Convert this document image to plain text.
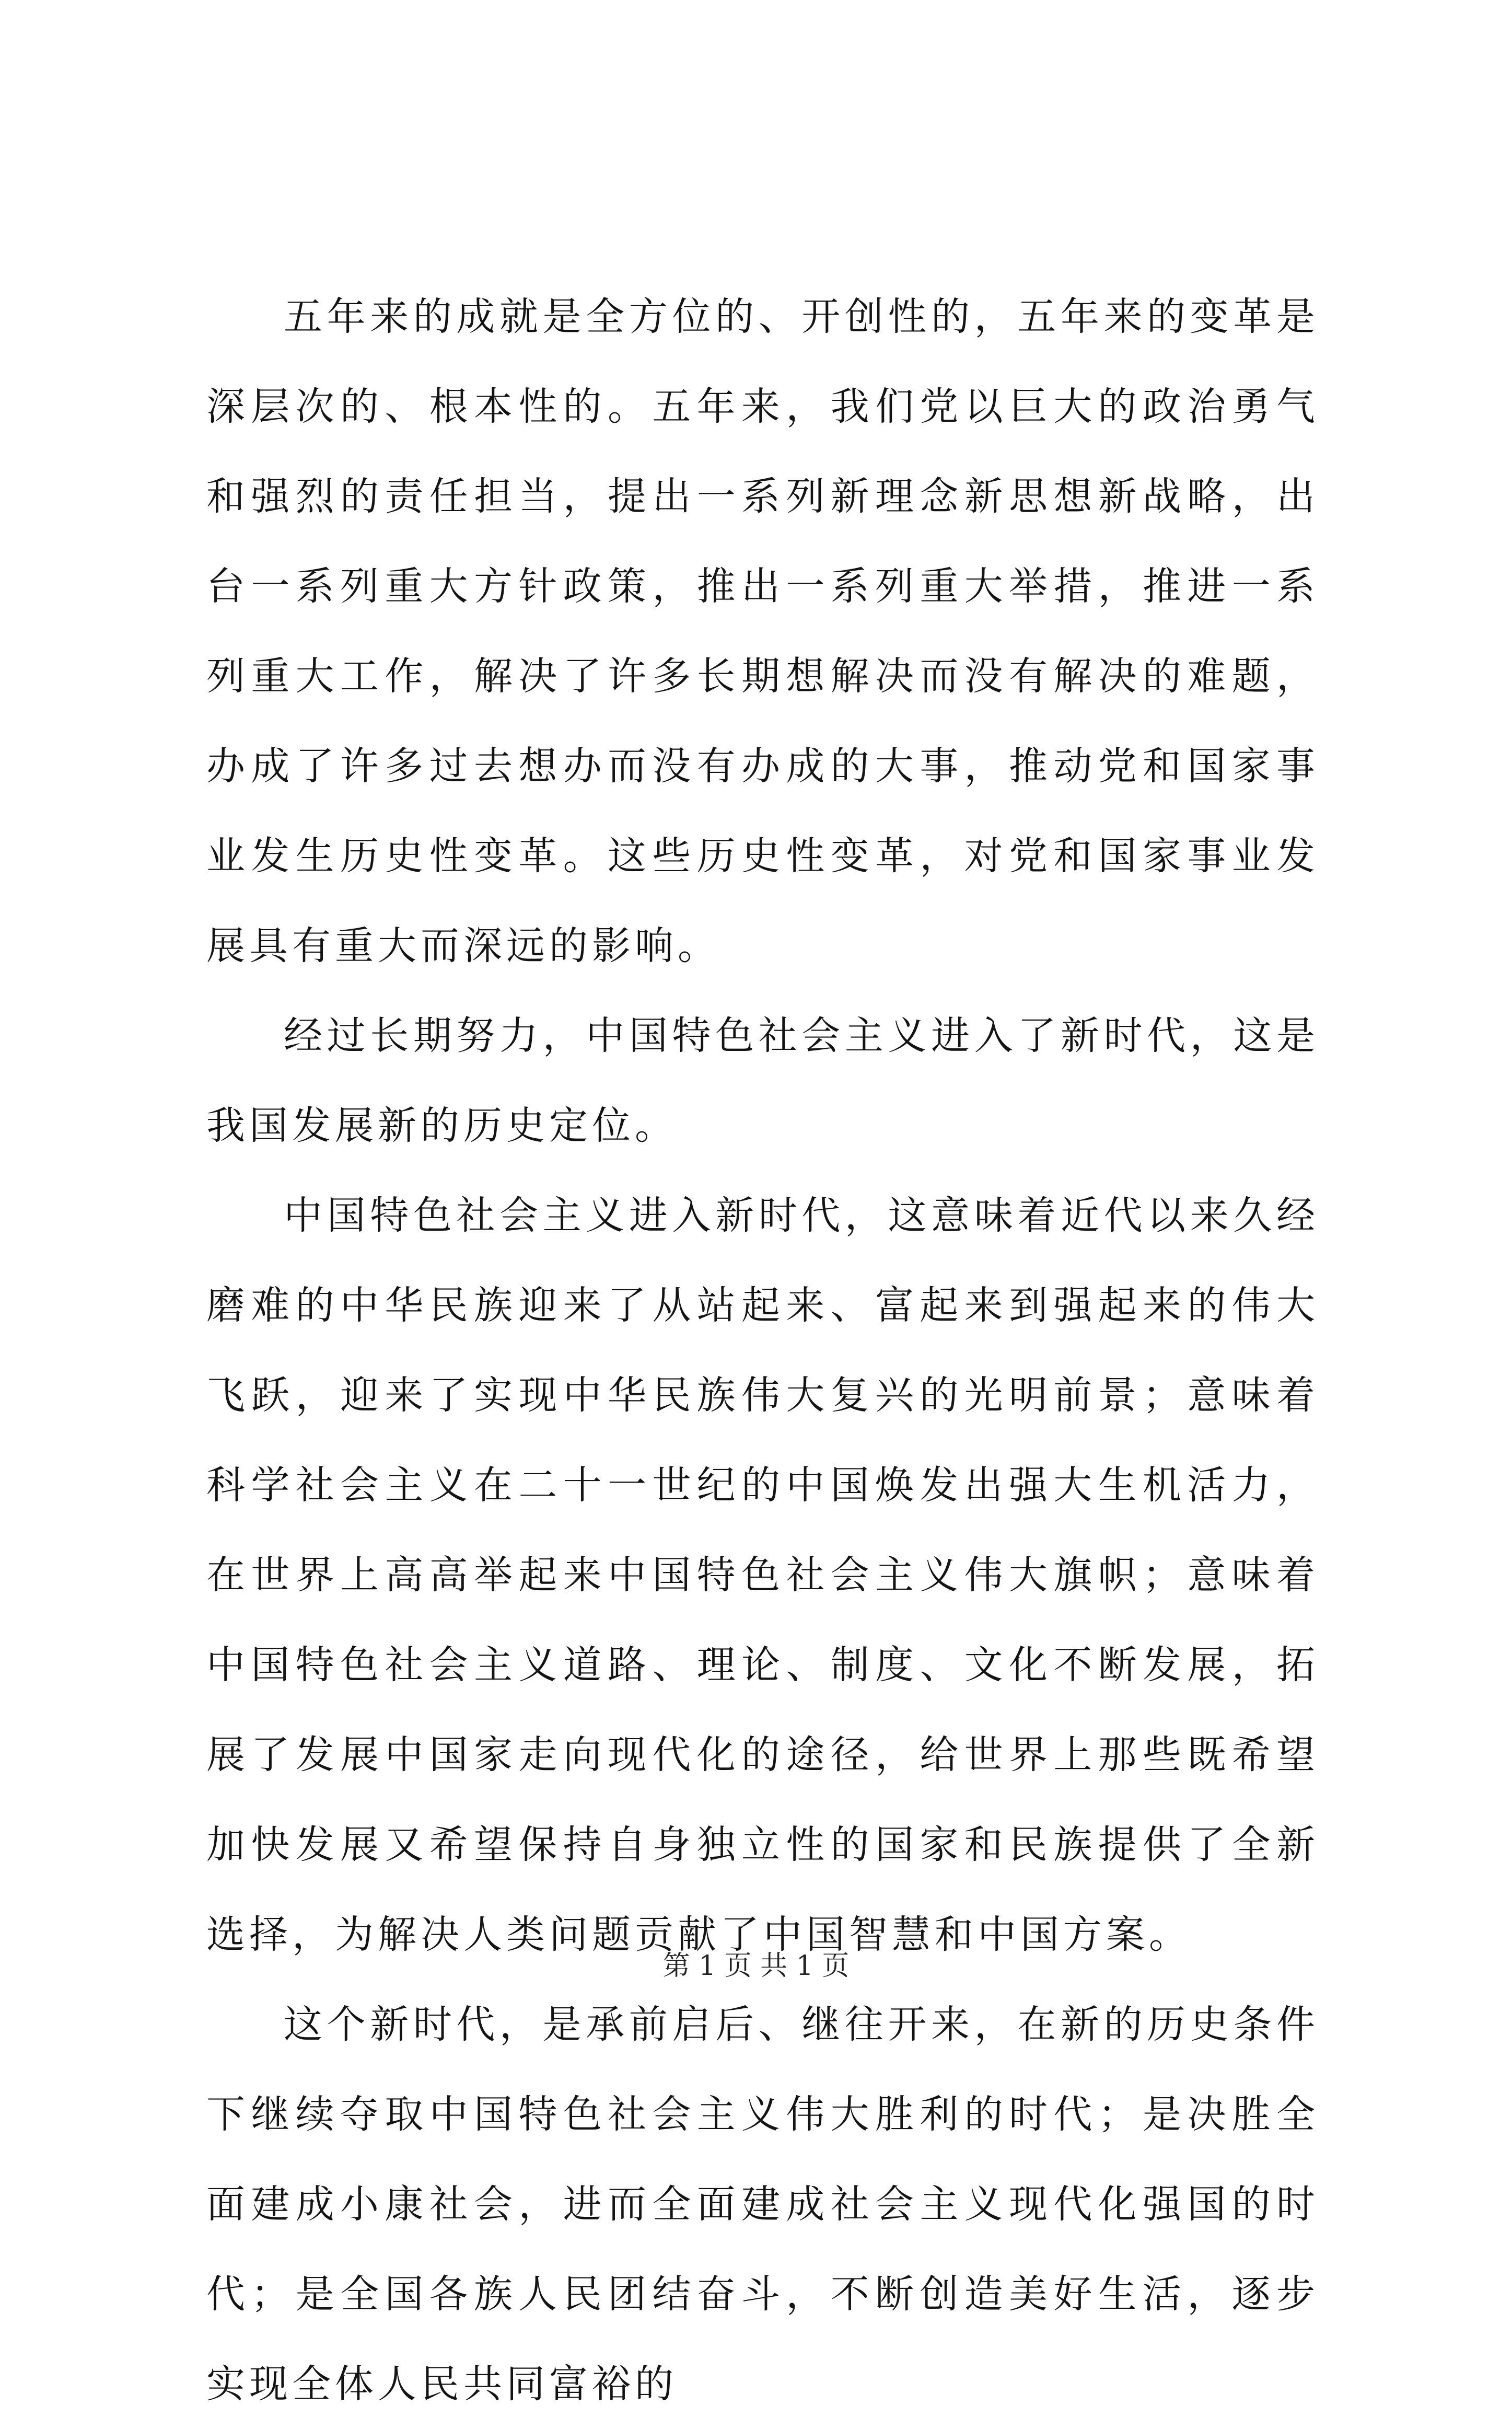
五年来的成就是全方位的、开创性的，五年来的变革是深层次的、根本性的。五年来，我们党以巨大的政治勇气和强烈的责任担当，提出一系列新理念新思想新战略，出台一系列重大方针政策，推出一系列重大举措，推进一系列重大工作，解决了许多长期想解决而没有解决的难题，办成了许多过去想办而没有办成的大事，推动党和国家事业发生历史性变革。这些历史性变革，对党和国家事业发展具有重大而深远的影响。

经过长期努力，中国特色社会主义进入了新时代，这是我国发展新的历史定位。

中国特色社会主义进入新时代，这意味着近代以来久经磨难的中华民族迎来了从站起来、富起来到强起来的伟大飞跃，迎来了实现中华民族伟大复兴的光明前景；意味着科学社会主义在二十一世纪的中国焕发出强大生机活力，在世界上高高举起来中国特色社会主义伟大旗帜；意味着中国特色社会主义道路、理论、制度、文化不断发展，拓展了发展中国家走向现代化的途径，给世界上那些既希望加快发展又希望保持自身独立性的国家和民族提供了全新选择，为解决人类问题贡献了中国智慧和中国方案。

这个新时代，是承前启后、继往开来，在新的历史条件下继续夺取中国特色社会主义伟大胜利的时代；是决胜全面建成小康社会，进而全面建成社会主义现代化强国的时代；是全国各族人民团结奋斗，不断创造美好生活，逐步实现全体人民共同富裕的

第 1 页 共 1 页
